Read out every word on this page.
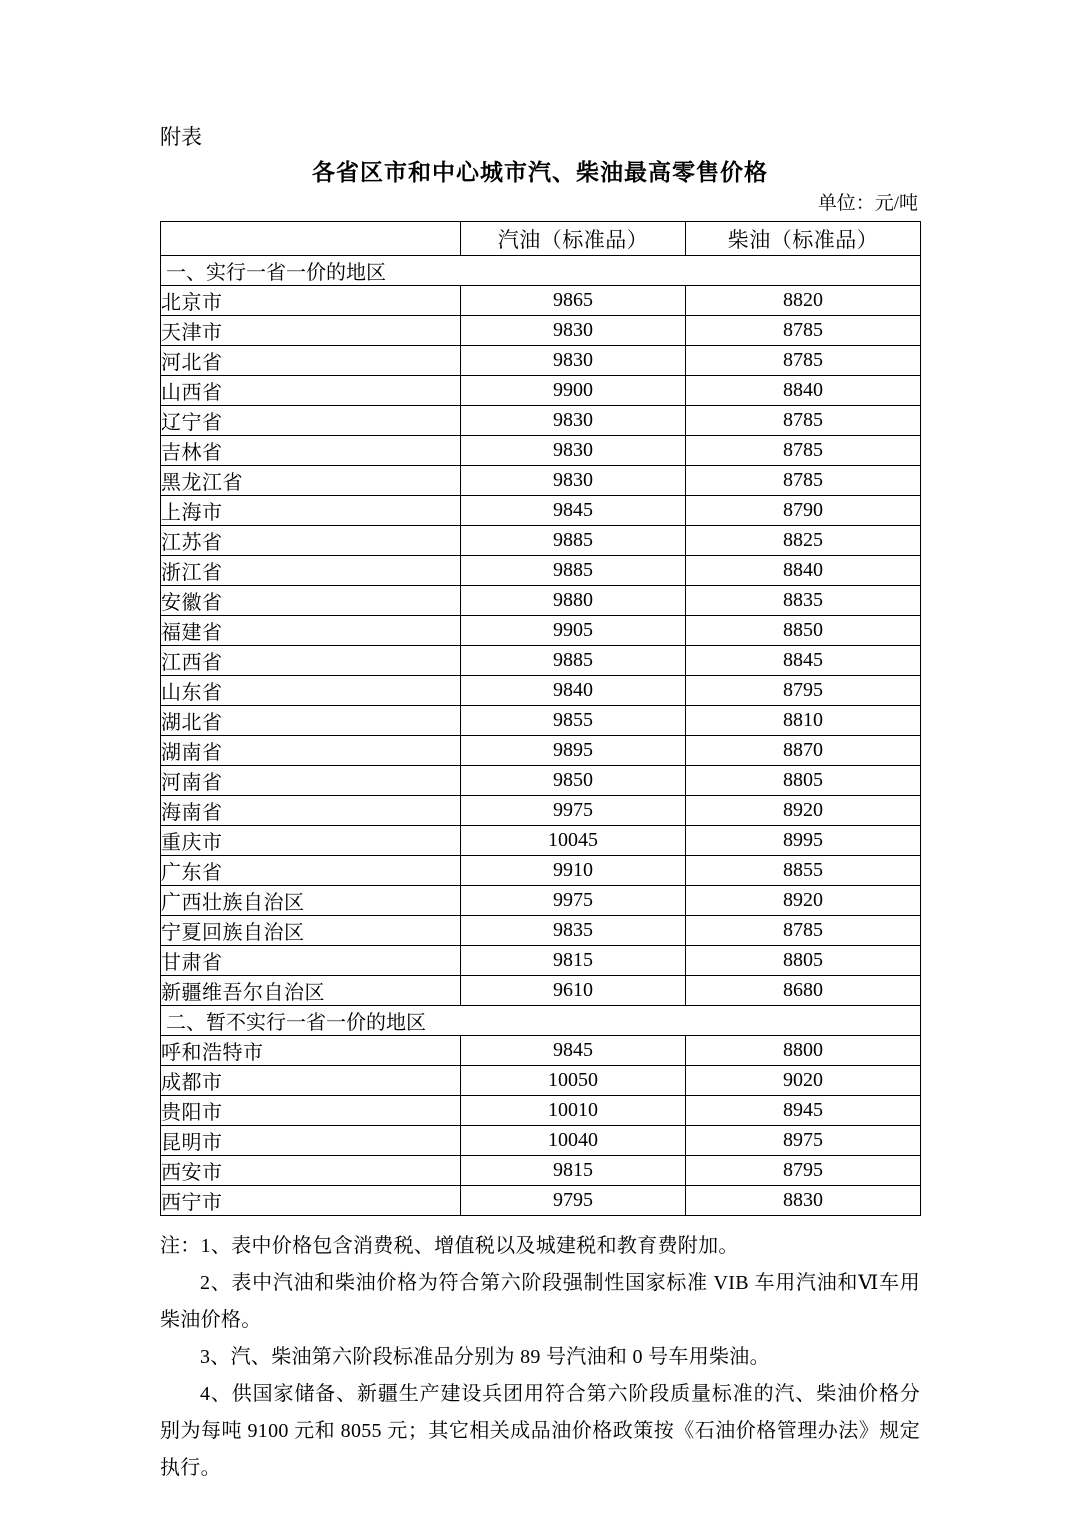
附表
各省区市和中心城市汽、柴油最高零售价格
单位：元/吨
	汽油（标准品）	柴油（标准品）
一、实行一省一价的地区		
北京市	9865	8820
天津市	9830	8785
河北省	9830	8785
山西省	9900	8840
辽宁省	9830	8785
吉林省	9830	8785
黑龙江省	9830	8785
上海市	9845	8790
江苏省	9885	8825
浙江省	9885	8840
安徽省	9880	8835
福建省	9905	8850
江西省	9885	8845
山东省	9840	8795
湖北省	9855	8810
湖南省	9895	8870
河南省	9850	8805
海南省	9975	8920
重庆市	10045	8995
广东省	9910	8855
广西壮族自治区	9975	8920
宁夏回族自治区	9835	8785
甘肃省	9815	8805
新疆维吾尔自治区	9610	8680
二、暂不实行一省一价的地区		
呼和浩特市	9845	8800
成都市	10050	9020
贵阳市	10010	8945
昆明市	10040	8975
西安市	9815	8795
西宁市	9795	8830

注：1、表中价格包含消费税、增值税以及城建税和教育费附加。

2、表中汽油和柴油价格为符合第六阶段强制性国家标准 VIB 车用汽油和Ⅵ车用柴油价格。

3、汽、柴油第六阶段标准品分别为 89 号汽油和 0 号车用柴油。

4、供国家储备、新疆生产建设兵团用符合第六阶段质量标准的汽、柴油价格分别为每吨 9100 元和 8055 元；其它相关成品油价格政策按《石油价格管理办法》规定执行。
